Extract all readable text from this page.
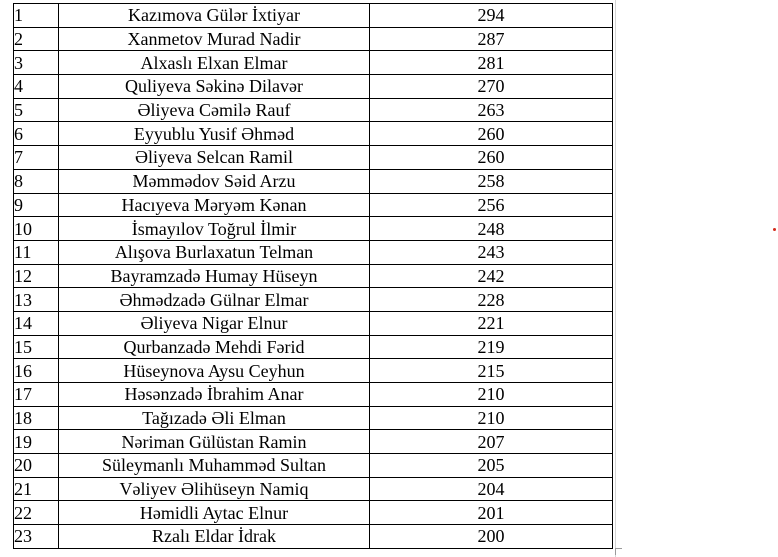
1	Kazımova Gülər İxtiyar	294
2	Xanmetov Murad Nadir	287
3	Alxaslı Elxan Elmar	281
4	Quliyeva Səkinə Dilavər	270
5	Əliyeva Cəmilə Rauf	263
6	Eyyublu Yusif Əhməd	260
7	Əliyeva Selcan Ramil	260
8	Məmmədov Səid Arzu	258
9	Hacıyeva Məryəm Kənan	256
10	İsmayılov Toğrul İlmir	248
11	Alışova Burlaxatun Telman	243
12	Bayramzadə Humay Hüseyn	242
13	Əhmədzadə Gülnar Elmar	228
14	Əliyeva Nigar Elnur	221
15	Qurbanzadə Mehdi Fərid	219
16	Hüseynova Aysu Ceyhun	215
17	Həsənzadə İbrahim Anar	210
18	Tağızadə Əli Elman	210
19	Nəriman Gülüstan Ramin	207
20	Süleymanlı Muhamməd Sultan	205
21	Vəliyev Əlihüseyn Namiq	204
22	Həmidli Aytac Elnur	201
23	Rzalı Eldar İdrak	200
